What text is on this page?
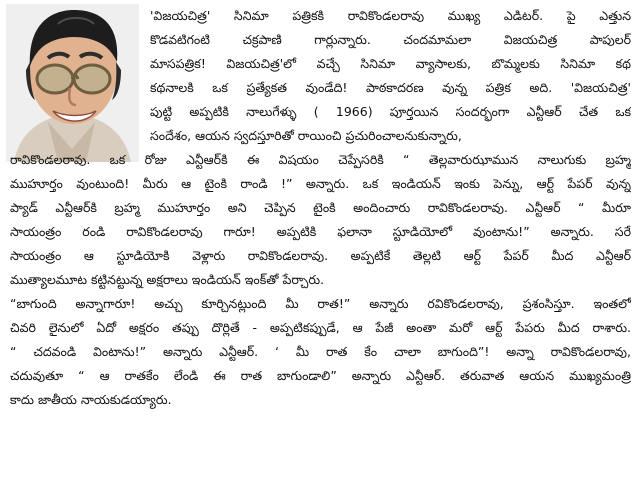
'విజయచిత్ర' సినిమా పత్రికకి రావికొండలరావు ముఖ్య ఎడిటర్. పై ఎత్తున
కొడవటిగంటి చక్రపాణి గార్లున్నారు. చందమామలా విజయచిత్ర పాపులర్
మాసపత్రిక! విజయచిత్ర'లో వచ్చే సినిమా వ్యాసాలకు, బొమ్మలకు సినిమా కథ
కథనాలకి ఒక ప్రత్యేకత వుండేది! పాఠకాదరణ వున్న పత్రిక అది. 'విజయచిత్ర'
పుట్టి అప్పటికి నాలుగేళ్ళు ( 1966) పూర్తయిన సందర్భంగా ఎన్టీఆర్ చేత ఒక
సందేశం, ఆయన స్వదస్తూరితో రాయించి ప్రచురించాలనుకున్నారు,
రావికొండలరావు. ఒక రోజు ఎన్టీఆర్‌కి ఈ విషయం చెప్పేసరికి “ తెల్లవారుఝామున నాలుగుకు బ్రహ్మ
ముహూర్తం వుంటుంది! మీరు ఆ టైంకి రాండి !” అన్నారు. ఒక ఇండియన్ ఇంకు పెన్ను, ఆర్ట్ పేపర్ వున్న
ప్యాడ్ ఎన్టీఆర్‌కి బ్రహ్మ ముహూర్తం అని చెప్పిన టైంకి అందించారు రావికొండలరావు. ఎన్టీఆర్ “ మీరూ
సాయంత్రం రండి రావికొండలరావు గారూ! అప్పటికి ఫలానా స్టూడియోలో వుంటాను!” అన్నారు. సరే
సాయంత్రం ఆ స్టూడియోకి వెళ్లారు రావికొండలరావు. అప్పటికే తెల్లటి ఆర్ట్ పేపర్ మీద ఎన్టీఆర్
ముత్యాలమూట కట్టినట్టున్న అక్షరాలు ఇండియన్ ఇంక్‌తో పేర్చారు.
“బాగుంది అన్నాగారూ! అచ్చు కూర్చినట్లుంది మీ రాత!” అన్నారు రవికొండలరావు, ప్రశంసిస్తూ. ఇంతలో
చివరి లైనులో ఏదో అక్షరం తప్పు దొర్లితే - అప్పటికప్పుడే, ఆ పేజీ అంతా మరో ఆర్ట్ పేపరు మీద రాశారు.
“ చదవండి వింటాను!” అన్నారు ఎన్టీఆర్. ‘ మీ రాత కేం చాలా బాగుంది”! అన్నా రావికొండలరావు,
చదువుతూ “ ఆ రాతకేం లేండి ఈ రాత బాగుండాలి” అన్నారు ఎన్టీఆర్. తరువాత ఆయన ముఖ్యమంత్రి
కాదు జాతీయ నాయకుడయ్యారు.
